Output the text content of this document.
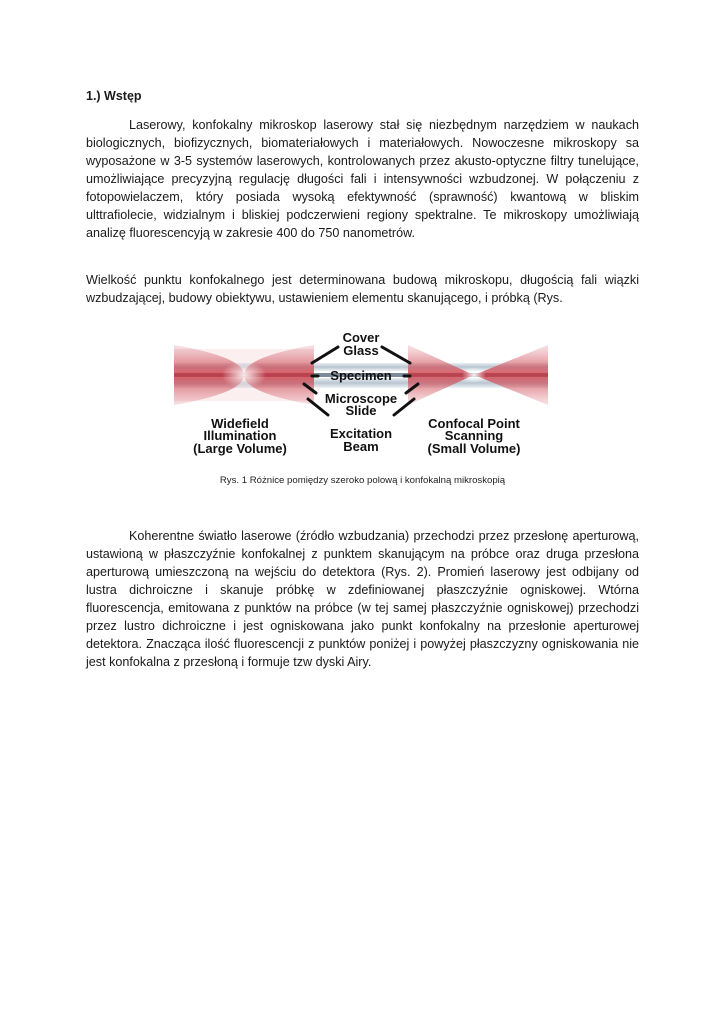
1.) Wstęp

Laserowy, konfokalny mikroskop laserowy stał się niezbędnym narzędziem w naukach biologicznych, biofizycznych, biomateriałowych i materiałowych. Nowoczesne mikroskopy sa wyposażone w 3-5 systemów laserowych, kontrolowanych przez akusto-optyczne filtry tunelujące, umożliwiające precyzyjną regulację długości fali i intensywności wzbudzonej. W połączeniu z fotopowielaczem, który posiada wysoką efektywność (sprawność) kwantową w bliskim ulttrafiolecie, widzialnym i bliskiej podczerwieni regiony spektralne. Te mikroskopy umożliwiają analizę fluorescencyją w zakresie 400 do 750 nanometrów.

Wielkość punktu konfokalnego jest determinowana budową mikroskopu, długością fali wiązki wzbudzającej, budowy obiektywu, ustawieniem elementu skanującego, i próbką (Rys.

Cover
Glass
Specimen
Microscope
Slide
Excitation
Beam
Widefield
Illumination
(Large Volume)
Confocal Point
Scanning
(Small Volume)
Rys. 1 Różnice pomiędzy szeroko polową i konfokalną mikroskopią

Koherentne światło laserowe (źródło wzbudzania) przechodzi przez przesłonę aperturową, ustawioną w płaszczyźnie konfokalnej z punktem skanującym na próbce oraz druga przesłona aperturową umieszczoną na wejściu do detektora (Rys. 2). Promień laserowy jest odbijany od lustra dichroiczne i skanuje próbkę w zdefiniowanej płaszczyźnie ogniskowej. Wtórna fluorescencja, emitowana z punktów na próbce (w tej samej płaszczyźnie ogniskowej) przechodzi przez lustro dichroiczne i jest ogniskowana jako punkt konfokalny na przesłonie aperturowej detektora. Znacząca ilość fluorescencji z punktów poniżej i powyżej płaszczyzny ogniskowania nie jest konfokalna z przesłoną i formuje tzw dyski Airy.
